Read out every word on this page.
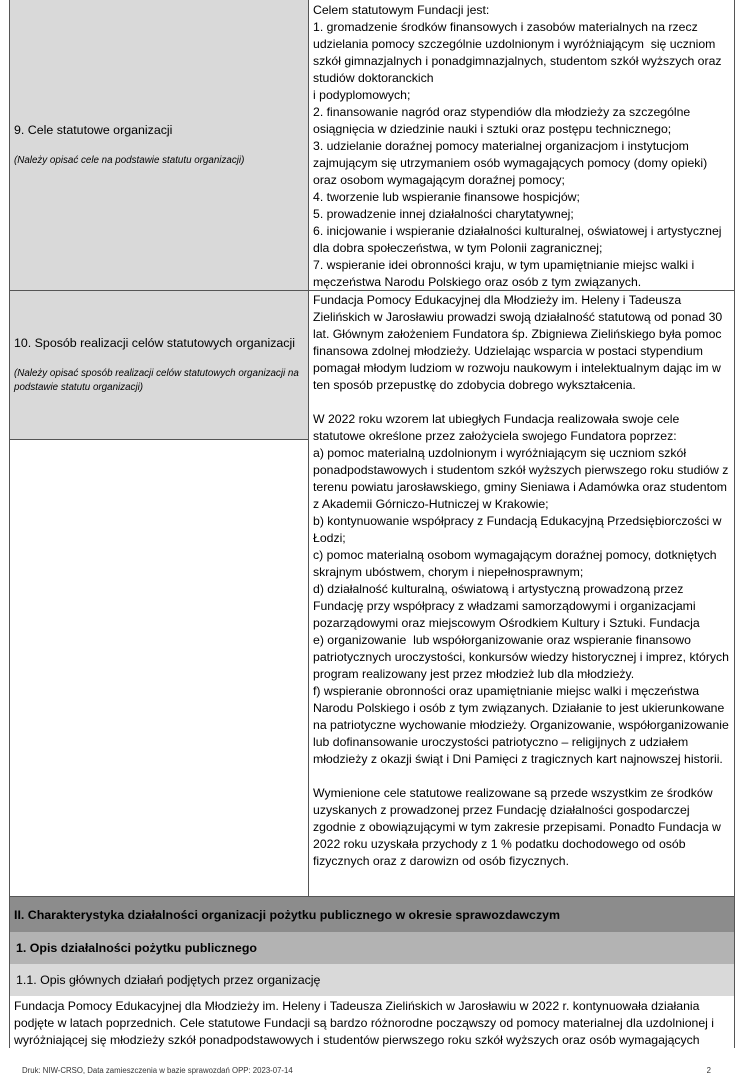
9. Cele statutowe organizacji

(Należy opisać cele na podstawie statutu organizacji)

Celem statutowym Fundacji jest:
1. gromadzenie środków finansowych i zasobów materialnych na rzecz udzielania pomocy szczególnie uzdolnionym i wyróżniającym  się uczniom szkół gimnazjalnych i ponadgimnazjalnych, studentom szkół wyższych oraz studiów doktoranckich
i podyplomowych;
2. finansowanie nagród oraz stypendiów dla młodzieży za szczególne osiągnięcia w dziedzinie nauki i sztuki oraz postępu technicznego;
3. udzielanie doraźnej pomocy materialnej organizacjom i instytucjom zajmującym się utrzymaniem osób wymagających pomocy (domy opieki) oraz osobom wymagającym doraźnej pomocy;
4. tworzenie lub wspieranie finansowe hospicjów;
5. prowadzenie innej działalności charytatywnej;
6. inicjowanie i wspieranie działalności kulturalnej, oświatowej i artystycznej dla dobra społeczeństwa, w tym Polonii zagranicznej;
7. wspieranie idei obronności kraju, w tym upamiętnianie miejsc walki i męczeństwa Narodu Polskiego oraz osób z tym związanych.

10. Sposób realizacji celów statutowych organizacji

(Należy opisać sposób realizacji celów statutowych organizacji na podstawie statutu organizacji)

Fundacja Pomocy Edukacyjnej dla Młodzieży im. Heleny i Tadeusza Zielińskich w Jarosławiu prowadzi swoją działalność statutową od ponad 30 lat. Głównym założeniem Fundatora śp. Zbigniewa Zielińskiego była pomoc finansowa zdolnej młodzieży. Udzielając wsparcia w postaci stypendium pomagał młodym ludziom w rozwoju naukowym i intelektualnym dając im w ten sposób przepustkę do zdobycia dobrego wykształcenia.

W 2022 roku wzorem lat ubiegłych Fundacja realizowała swoje cele statutowe określone przez założyciela swojego Fundatora poprzez:
a) pomoc materialną uzdolnionym i wyróżniającym się uczniom szkół ponadpodstawowych i studentom szkół wyższych pierwszego roku studiów z terenu powiatu jarosławskiego, gminy Sieniawa i Adamówka oraz studentom z Akademii Górniczo-Hutniczej w Krakowie;
b) kontynuowanie współpracy z Fundacją Edukacyjną Przedsiębiorczości w Łodzi;
c) pomoc materialną osobom wymagającym doraźnej pomocy, dotkniętych skrajnym ubóstwem, chorym i niepełnosprawnym;
d) działalność kulturalną, oświatową i artystyczną prowadzoną przez Fundację przy współpracy z władzami samorządowymi i organizacjami pozarządowymi oraz miejscowym Ośrodkiem Kultury i Sztuki. Fundacja
e) organizowanie  lub współorganizowanie oraz wspieranie finansowo patriotycznych uroczystości, konkursów wiedzy historycznej i imprez, których program realizowany jest przez młodzież lub dla młodzieży.
f) wspieranie obronności oraz upamiętnianie miejsc walki i męczeństwa Narodu Polskiego i osób z tym związanych. Działanie to jest ukierunkowane na patriotyczne wychowanie młodzieży. Organizowanie, współorganizowanie lub dofinansowanie uroczystości patriotyczno – religijnych z udziałem młodzieży z okazji świąt i Dni Pamięci z tragicznych kart najnowszej historii.

Wymienione cele statutowe realizowane są przede wszystkim ze środków uzyskanych z prowadzonej przez Fundację działalności gospodarczej zgodnie z obowiązującymi w tym zakresie przepisami. Ponadto Fundacja w 2022 roku uzyskała przychody z 1 % podatku dochodowego od osób fizycznych oraz z darowizn od osób fizycznych.
II. Charakterystyka działalności organizacji pożytku publicznego w okresie sprawozdawczym
1. Opis działalności pożytku publicznego
1.1. Opis głównych działań podjętych przez organizację
Fundacja Pomocy Edukacyjnej dla Młodzieży im. Heleny i Tadeusza Zielińskich w Jarosławiu w 2022 r. kontynuowała działania podjęte w latach poprzednich. Cele statutowe Fundacji są bardzo różnorodne począwszy od pomocy materialnej dla uzdolnionej i wyróżniającej się młodzieży szkół ponadpodstawowych i studentów pierwszego roku szkół wyższych oraz osób wymagających
Druk: NIW-CRSO, Data zamieszczenia w bazie sprawozdań OPP: 2023-07-14	2
